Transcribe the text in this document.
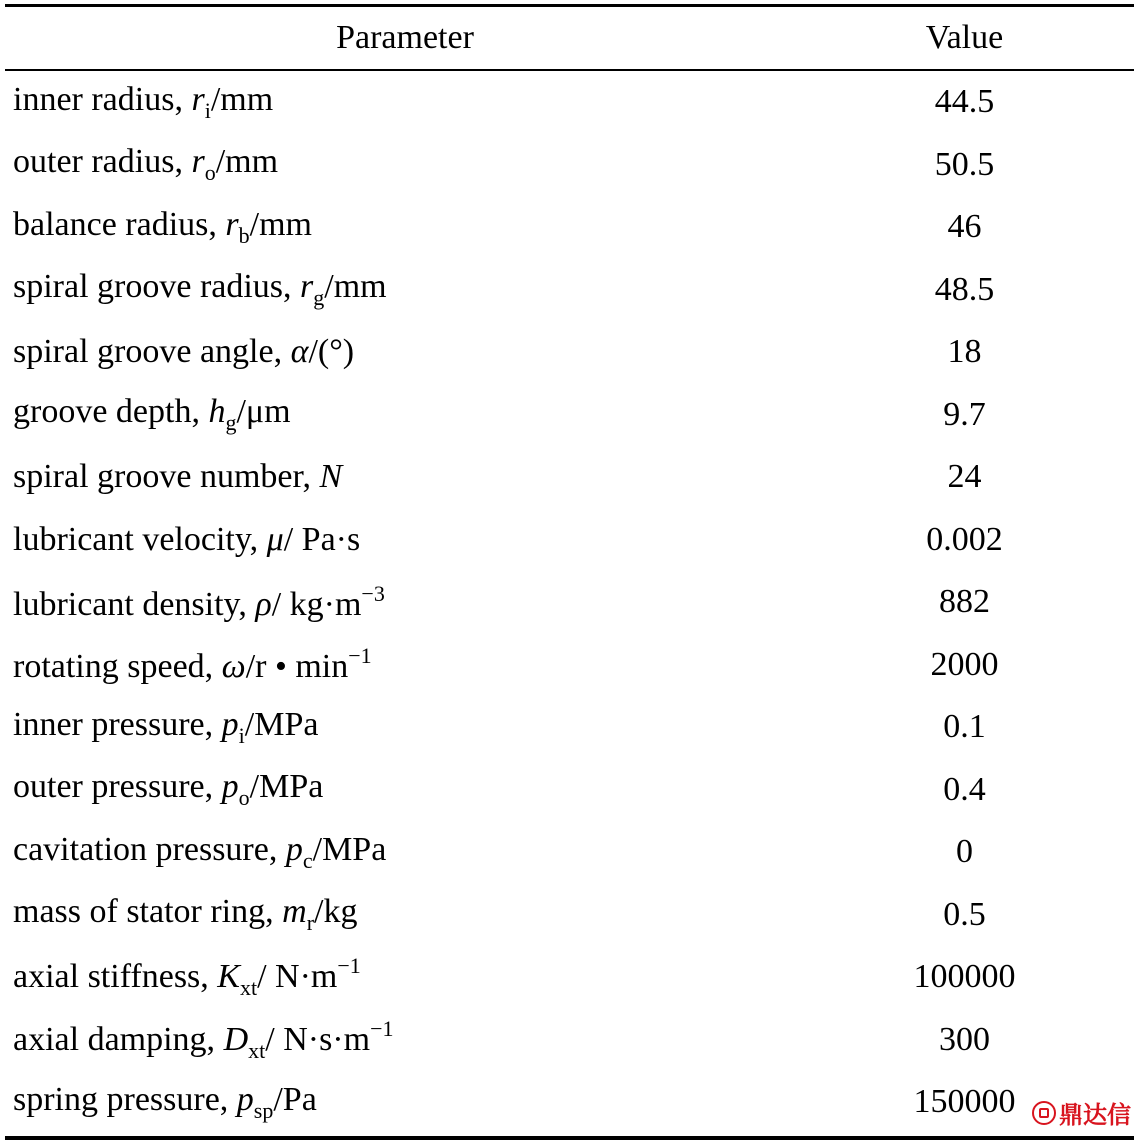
Parameter	Value
inner radius, $r_i/mm$	44.5
outer radius, $r_o/mm$	50.5
balance radius, $r_b/mm$	46
spiral groove radius, $r_g/mm$	48.5
spiral groove angle, α/(°)	18
groove depth, $h_g/\mu m$	9.7
spiral groove number, N	24
lubricant velocity, μ/ Pa·s	0.002
lubricant density, ρ/ $kg\cdot m^{-3}$	882
rotating speed, ω/r • $\min^{-1}$	2000
inner pressure, $p_i$/MPa	0.1
outer pressure, $p_o$/MPa	0.4
cavitation pressure, $p_c$/MPa	0
mass of stator ring, $m_r/kg$	0.5
axial stiffness, $K_{xt}/$ $N\cdot m^{-1}$	100000
axial damping, $D_{xt}/$ $N\cdot s\cdot m^{-1}$	300
spring pressure, $p_{sp}/Pa$	150000	鼎达信
